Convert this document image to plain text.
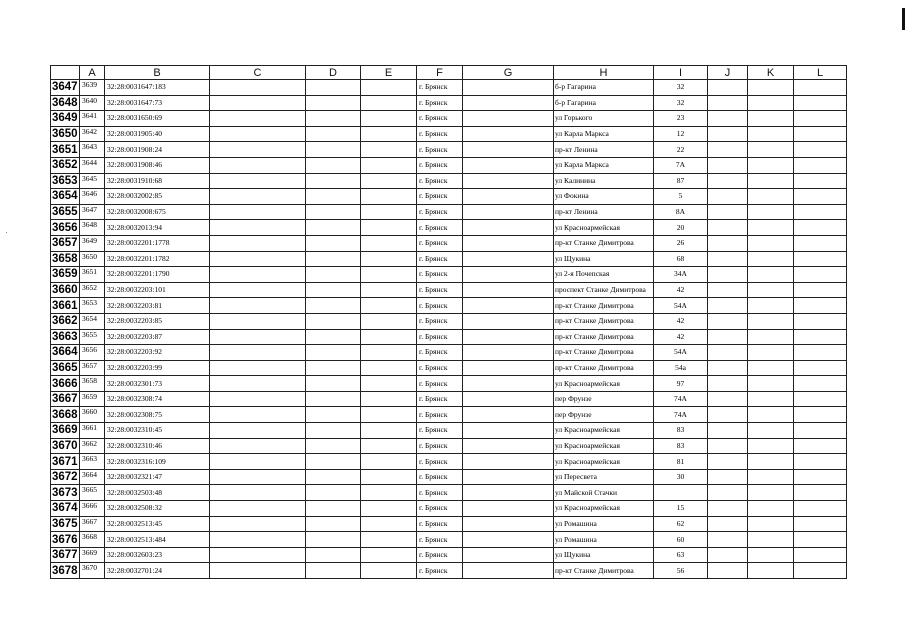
	A	B	C	D	E	F	G	H	I	J	K	L
3647	3639	32:28:0031647:183				г. Брянск		б-р Гагарина	32			
3648	3640	32:28:0031647:73				г. Брянск		б-р Гагарина	32			
3649	3641	32:28:0031650:69				г. Брянск		ул Горького	23			
3650	3642	32:28:0031905:40				г. Брянск		ул Карла Маркса	12			
3651	3643	32:28:0031908:24				г. Брянск		пр-кт Ленина	22			
3652	3644	32:28:0031908:46				г. Брянск		ул Карла Маркса	7А			
3653	3645	32:28:0031910:68				г. Брянск		ул Калинина	87			
3654	3646	32:28:0032002:85				г. Брянск		ул Фокина	5			
3655	3647	32:28:0032008:675				г. Брянск		пр-кт Ленина	8А			
3656	3648	32:28:0032013:94				г. Брянск		ул Красноармейская	20			
3657	3649	32:28:0032201:1778				г. Брянск		пр-кт Станке Димитрова	26			
3658	3650	32:28:0032201:1782				г. Брянск		ул Щукина	68			
3659	3651	32:28:0032201:1790				г. Брянск		ул 2-я Почепская	34А			
3660	3652	32:28:0032203:101				г. Брянск		проспект Станке Димитрова	42			
3661	3653	32:28:0032203:81				г. Брянск		пр-кт Станке Димитрова	54А			
3662	3654	32:28:0032203:85				г. Брянск		пр-кт Станке Димитрова	42			
3663	3655	32:28:0032203:87				г. Брянск		пр-кт Станке Димитрова	42			
3664	3656	32:28:0032203:92				г. Брянск		пр-кт Станке Димитрова	54А			
3665	3657	32:28:0032203:99				г. Брянск		пр-кт Станке Димитрова	54а			
3666	3658	32:28:0032301:73				г. Брянск		ул Красноармейская	97			
3667	3659	32:28:0032308:74				г. Брянск		пер Фрунзе	74А			
3668	3660	32:28:0032308:75				г. Брянск		пер Фрунзе	74А			
3669	3661	32:28:0032310:45				г. Брянск		ул Красноармейская	83			
3670	3662	32:28:0032310:46				г. Брянск		ул Красноармейская	83			
3671	3663	32:28:0032316:109				г. Брянск		ул Красноармейская	81			
3672	3664	32:28:0032321:47				г. Брянск		ул Пересвета	30			
3673	3665	32:28:0032503:48				г. Брянск		ул Майской Стачки				
3674	3666	32:28:0032508:32				г. Брянск		ул Красноармейская	15			
3675	3667	32:28:0032513:45				г. Брянск		ул Ромашина	62			
3676	3668	32:28:0032513:484				г. Брянск		ул Ромашина	60			
3677	3669	32:28:0032603:23				г. Брянск		ул Щукина	63			
3678	3670	32:28:0032701:24				г. Брянск		пр-кт Станке Димитрова	56			
